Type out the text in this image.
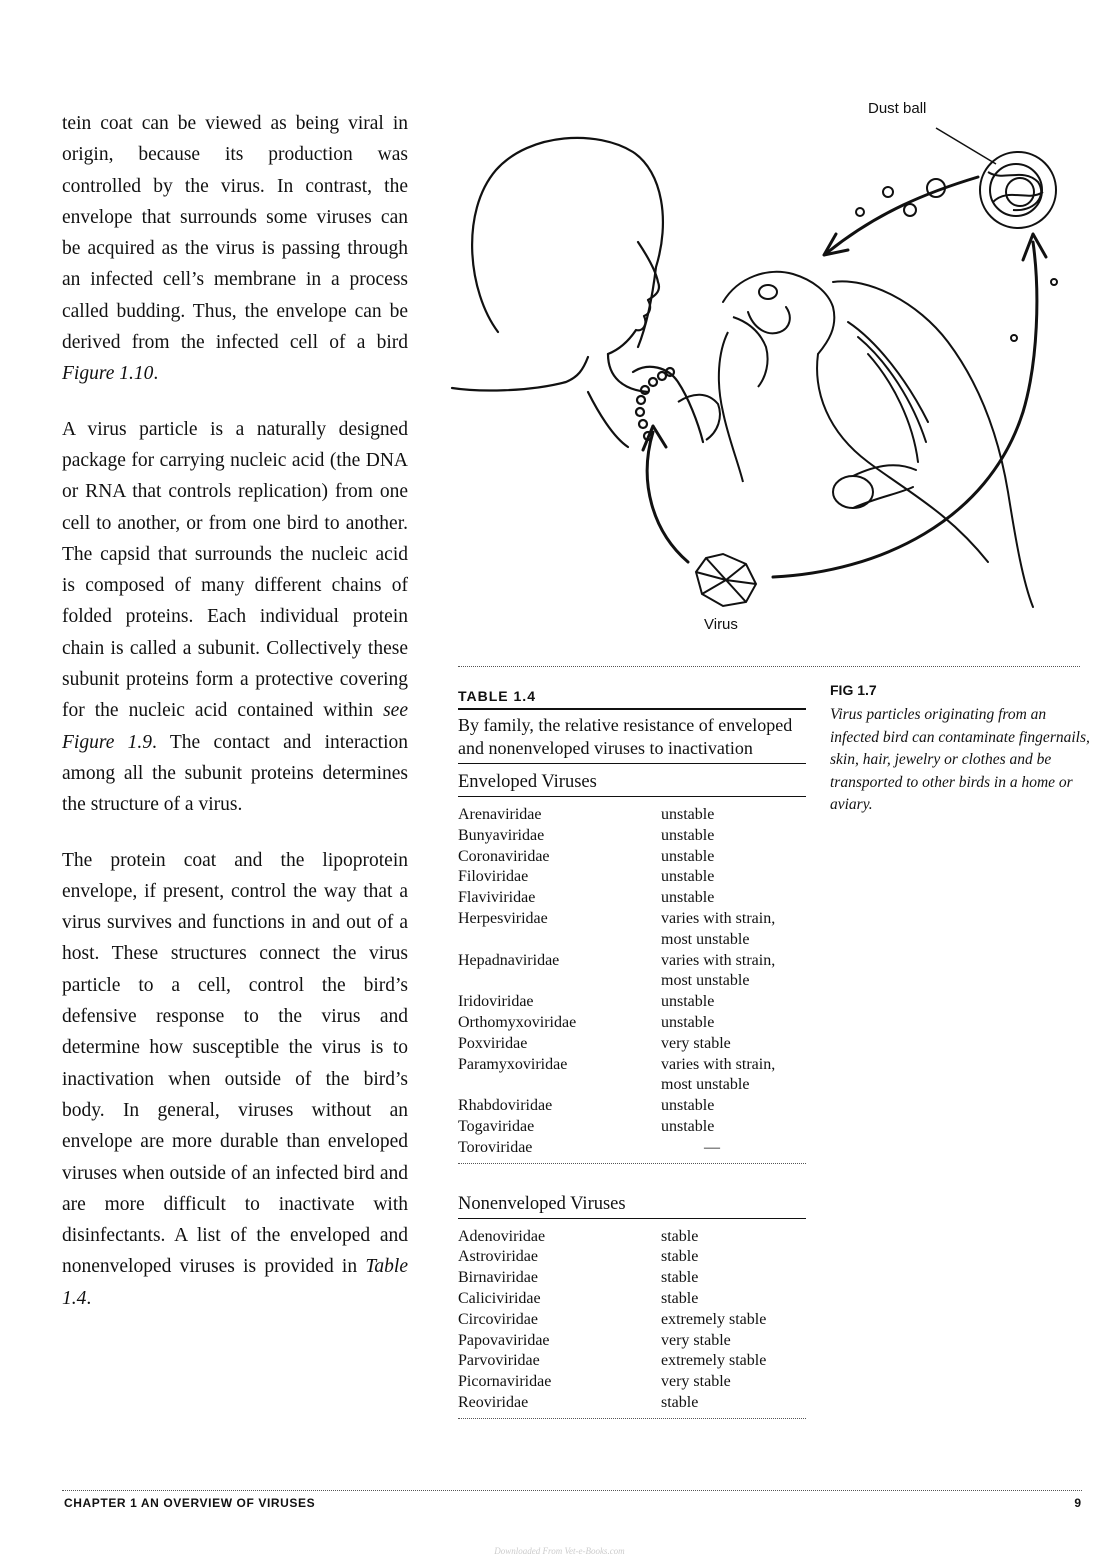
tein coat can be viewed as being viral in origin, because its production was controlled by the virus. In contrast, the envelope that surrounds some viruses can be acquired as the virus is passing through an infected cell’s membrane in a process called budding. Thus, the envelope can be derived from the infected cell of a bird Figure 1.10.

A virus particle is a naturally designed package for carrying nucleic acid (the DNA or RNA that controls replication) from one cell to another, or from one bird to another. The capsid that surrounds the nucleic acid is composed of many different chains of folded proteins. Each individual protein chain is called a subunit. Collectively these subunit proteins form a protective covering for the nucleic acid contained within see Figure 1.9. The contact and interaction among all the subunit proteins determines the structure of a virus.

The protein coat and the lipoprotein envelope, if present, control the way that a virus survives and functions in and out of a host. These structures connect the virus particle to a cell, control the bird’s defensive response to the virus and determine how susceptible the virus is to inactivation when outside of the bird’s body. In general, viruses without an envelope are more durable than enveloped viruses when outside of an infected bird and are more difficult to inactivate with disinfectants. A list of the enveloped and nonenveloped viruses is provided in Table 1.4.

Dust ball
Virus
TABLE 1.4
By family, the relative resistance of enveloped and nonenveloped viruses to inactivation
Enveloped Viruses
Arenaviridae	unstable
Bunyaviridae	unstable
Coronaviridae	unstable
Filoviridae	unstable
Flaviviridae	unstable
Herpesviridae	varies with strain,
most unstable
Hepadnaviridae	varies with strain,
most unstable
Iridoviridae	unstable
Orthomyxoviridae	unstable
Poxviridae	very stable
Paramyxoviridae	varies with strain,
most unstable
Rhabdoviridae	unstable
Togaviridae	unstable
Toroviridae	—
Nonenveloped Viruses
Adenoviridae	stable
Astroviridae	stable
Birnaviridae	stable
Caliciviridae	stable
Circoviridae	extremely stable
Papovaviridae	very stable
Parvoviridae	extremely stable
Picornaviridae	very stable
Reoviridae	stable
FIG 1.7
Virus particles originating from an infected bird can contaminate fingernails, skin, hair, jewelry or clothes and be transported to other birds in a home or aviary.
CHAPTER 1 AN OVERVIEW OF VIRUSES	9
Downloaded From Vet-e-Books.com
